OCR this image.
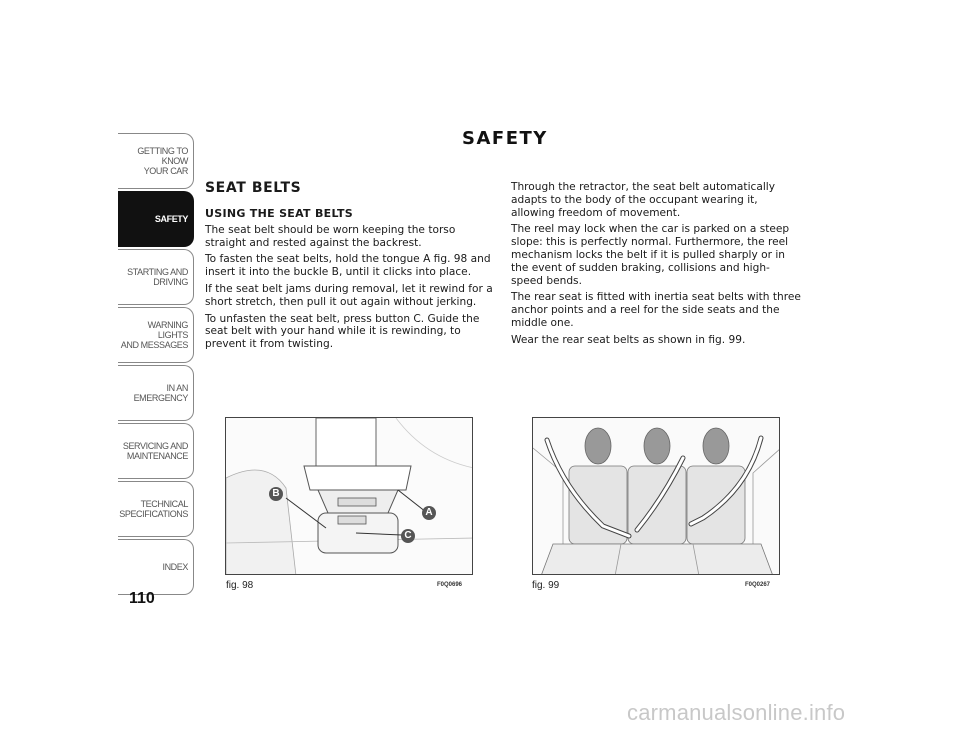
GETTING TO KNOW
YOUR CAR
SAFETY
STARTING AND
DRIVING
WARNING LIGHTS
AND MESSAGES
IN AN EMERGENCY
SERVICING AND
MAINTENANCE
TECHNICAL
SPECIFICATIONS
INDEX
110
SAFETY
SEAT BELTS
USING THE SEAT BELTS

The seat belt should be worn keeping the torso straight and rested against the backrest.

To fasten the seat belts, hold the tongue A fig. 98 and insert it into the buckle B, until it clicks into place.

If the seat belt jams during removal, let it rewind for a short stretch, then pull it out again without jerking.

To unfasten the seat belt, press button C. Guide the seat belt with your hand while it is rewinding, to prevent it from twisting.

Through the retractor, the seat belt automatically adapts to the body of the occupant wearing it, allowing freedom of movement.

The reel may lock when the car is parked on a steep slope: this is perfectly normal. Furthermore, the reel mechanism locks the belt if it is pulled sharply or in the event of sudden braking, collisions and high-speed bends.

The rear seat is fitted with inertia seat belts with three anchor points and a reel for the side seats and the middle one.

Wear the rear seat belts as shown in fig. 99.

B
A
C
fig. 98	F0Q0696	fig. 99	F0Q0267
carmanualsonline.info
